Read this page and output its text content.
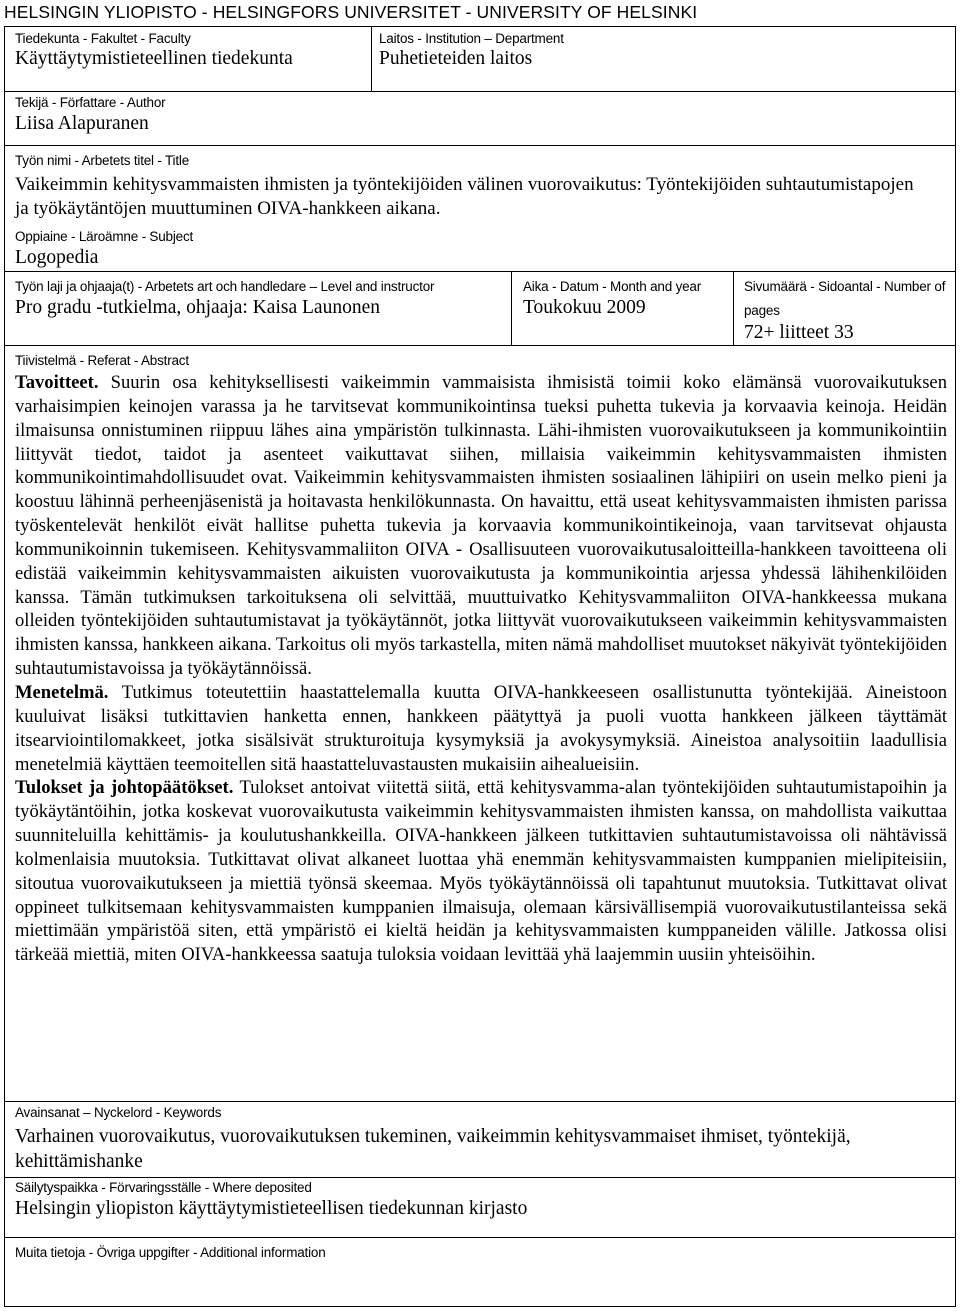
HELSINGIN YLIOPISTO - HELSINGFORS UNIVERSITET - UNIVERSITY OF HELSINKI
Tiedekunta - Fakultet - Faculty
Käyttäytymistieteellinen tiedekunta
Laitos - Institution – Department
Puhetieteiden laitos
Tekijä - Författare - Author
Liisa Alapuranen
Työn nimi - Arbetets titel - Title
Vaikeimmin kehitysvammaisten ihmisten ja työntekijöiden välinen vuorovaikutus: Työntekijöiden suhtautumistapojen ja työkäytäntöjen muuttuminen OIVA-hankkeen aikana.
Oppiaine - Läroämne - Subject
Logopedia
Työn laji ja ohjaaja(t) - Arbetets art och handledare – Level and instructor
Pro gradu -tutkielma, ohjaaja: Kaisa Launonen
Aika - Datum - Month and year
Toukokuu 2009
Sivumäärä - Sidoantal - Number of
pages
72+ liitteet 33
Tiivistelmä - Referat - Abstract

Tavoitteet. Suurin osa kehityksellisesti vaikeimmin vammaisista ihmisistä toimii koko elämänsä vuorovaikutuksen varhaisimpien keinojen varassa ja he tarvitsevat kommunikointinsa tueksi puhetta tukevia ja korvaavia keinoja. Heidän ilmaisunsa onnistuminen riippuu lähes aina ympäristön tulkinnasta. Lähi-ihmisten vuorovaikutukseen ja kommunikointiin liittyvät tiedot, taidot ja asenteet vaikuttavat siihen, millaisia vaikeimmin kehitysvammaisten ihmisten kommunikointimahdollisuudet ovat. Vaikeimmin kehitysvammaisten ihmisten sosiaalinen lähipiiri on usein melko pieni ja koostuu lähinnä perheenjäsenistä ja hoitavasta henkilökunnasta. On havaittu, että useat kehitysvammaisten ihmisten parissa työskentelevät henkilöt eivät hallitse puhetta tukevia ja korvaavia kommunikointikeinoja, vaan tarvitsevat ohjausta kommunikoinnin tukemiseen. Kehitysvammaliiton OIVA - Osallisuuteen vuorovaikutusaloitteilla-hankkeen tavoitteena oli edistää vaikeimmin kehitysvammaisten aikuisten vuorovaikutusta ja kommunikointia arjessa yhdessä lähihenkilöiden kanssa. Tämän tutkimuksen tarkoituksena oli selvittää, muuttuivatko Kehitysvammaliiton OIVA-hankkeessa mukana olleiden työntekijöiden suhtautumistavat ja työkäytännöt, jotka liittyvät vuorovaikutukseen vaikeimmin kehitysvammaisten ihmisten kanssa, hankkeen aikana. Tarkoitus oli myös tarkastella, miten nämä mahdolliset muutokset näkyivät työntekijöiden suhtautumistavoissa ja työkäytännöissä.

Menetelmä. Tutkimus toteutettiin haastattelemalla kuutta OIVA-hankkeeseen osallistunutta työntekijää. Aineistoon kuuluivat lisäksi tutkittavien hanketta ennen, hankkeen päätyttyä ja puoli vuotta hankkeen jälkeen täyttämät itsearviointilomakkeet, jotka sisälsivät strukturoituja kysymyksiä ja avokysymyksiä. Aineistoa analysoitiin laadullisia menetelmiä käyttäen teemoitellen sitä haastatteluvastausten mukaisiin aihealueisiin.

Tulokset ja johtopäätökset. Tulokset antoivat viitettä siitä, että kehitysvamma-alan työntekijöiden suhtautumistapoihin ja työkäytäntöihin, jotka koskevat vuorovaikutusta vaikeimmin kehitysvammaisten ihmisten kanssa, on mahdollista vaikuttaa suunniteluilla kehittämis- ja koulutushankkeilla. OIVA-hankkeen jälkeen tutkittavien suhtautumistavoissa oli nähtävissä kolmenlaisia muutoksia. Tutkittavat olivat alkaneet luottaa yhä enemmän kehitysvammaisten kumppanien mielipiteisiin, sitoutua vuorovaikutukseen ja miettiä työnsä skeemaa. Myös työkäytännöissä oli tapahtunut muutoksia. Tutkittavat olivat oppineet tulkitsemaan kehitysvammaisten kumppanien ilmaisuja, olemaan kärsivällisempiä vuorovaikutustilanteissa sekä miettimään ympäristöä siten, että ympäristö ei kieltä heidän ja kehitysvammaisten kumppaneiden välille. Jatkossa olisi tärkeää miettiä, miten OIVA-hankkeessa saatuja tuloksia voidaan levittää yhä laajemmin uusiin yhteisöihin.

Avainsanat – Nyckelord - Keywords
Varhainen vuorovaikutus, vuorovaikutuksen tukeminen, vaikeimmin kehitysvammaiset ihmiset, työntekijä, kehittämishanke
Säilytyspaikka - Förvaringsställe - Where deposited
Helsingin yliopiston käyttäytymistieteellisen tiedekunnan kirjasto
Muita tietoja - Övriga uppgifter - Additional information
